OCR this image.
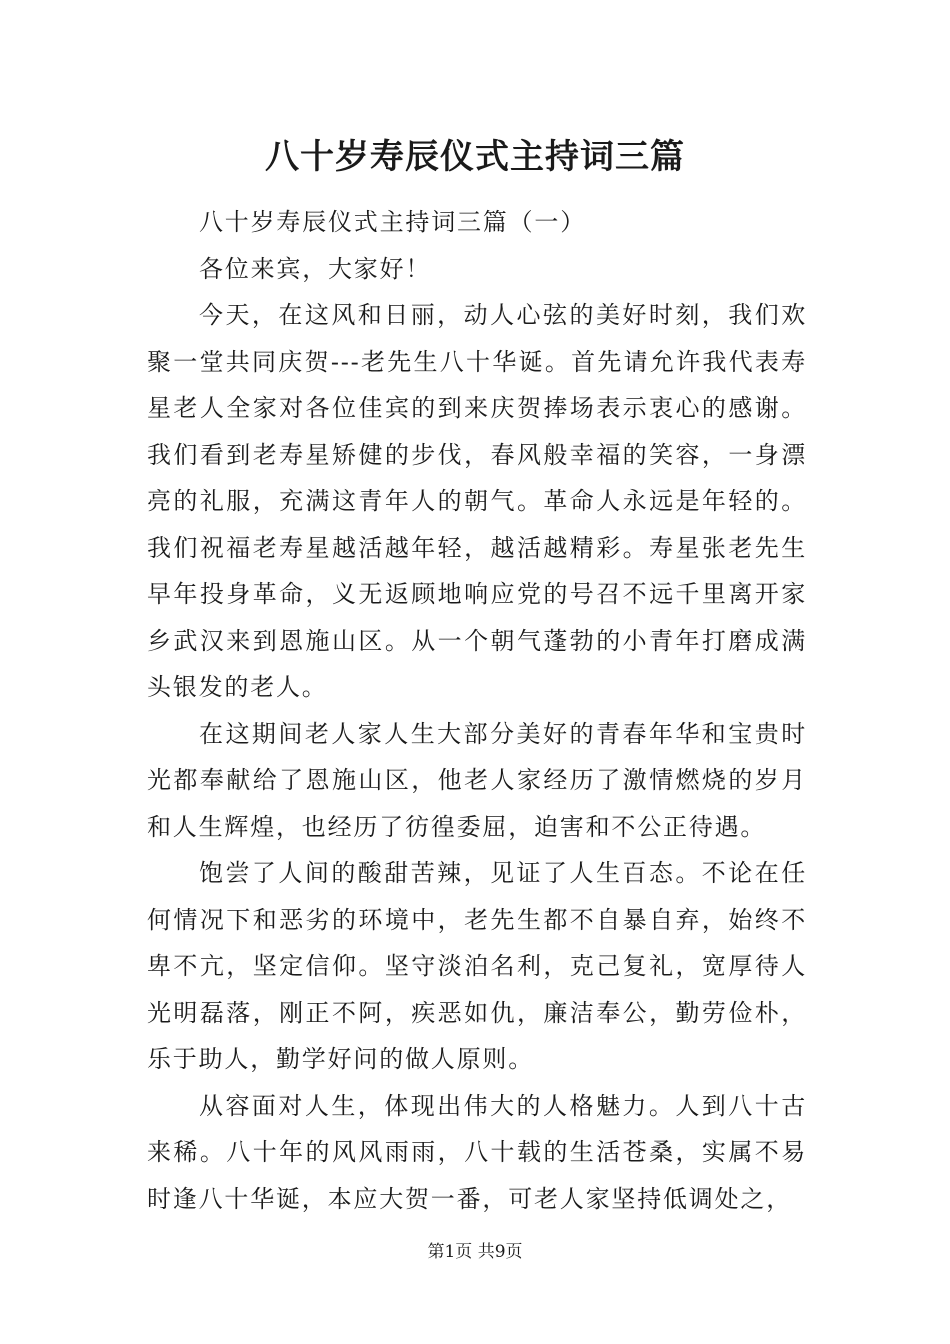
八十岁寿辰仪式主持词三篇

八十岁寿辰仪式主持词三篇（一）

各位来宾，大家好！

今天，在这风和日丽，动人心弦的美好时刻，我们欢聚一堂共同庆贺---老先生八十华诞。首先请允许我代表寿星老人全家对各位佳宾的到来庆贺捧场表示衷心的感谢。我们看到老寿星矫健的步伐，春风般幸福的笑容，一身漂亮的礼服，充满这青年人的朝气。革命人永远是年轻的。我们祝福老寿星越活越年轻，越活越精彩。寿星张老先生早年投身革命，义无返顾地响应党的号召不远千里离开家乡武汉来到恩施山区。从一个朝气蓬勃的小青年打磨成满头银发的老人。

在这期间老人家人生大部分美好的青春年华和宝贵时光都奉献给了恩施山区，他老人家经历了激情燃烧的岁月和人生辉煌，也经历了彷徨委屈，迫害和不公正待遇。

饱尝了人间的酸甜苦辣，见证了人生百态。不论在任何情况下和恶劣的环境中，老先生都不自暴自弃，始终不卑不亢，坚定信仰。坚守淡泊名利，克己复礼，宽厚待人光明磊落，刚正不阿，疾恶如仇，廉洁奉公，勤劳俭朴，乐于助人，勤学好问的做人原则。

从容面对人生，体现出伟大的人格魅力。人到八十古来稀。八十年的风风雨雨，八十载的生活苍桑，实属不易时逢八十华诞，本应大贺一番，可老人家坚持低调处之，

第1页 共9页
